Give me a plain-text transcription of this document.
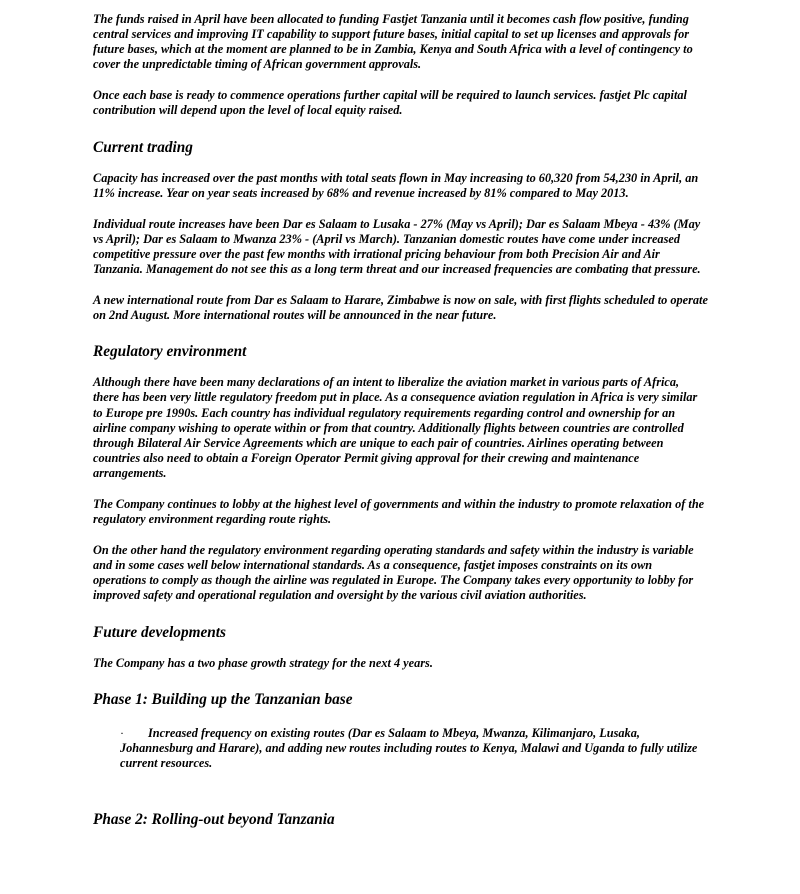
The funds raised in April have been allocated to funding Fastjet Tanzania until it becomes cash flow positive, funding central services and improving IT capability to support future bases, initial capital to set up licenses and approvals for future bases, which at the moment are planned to be in Zambia, Kenya and South Africa with a level of contingency to cover the unpredictable timing of African government approvals.

Once each base is ready to commence operations further capital will be required to launch services. fastjet Plc capital contribution will depend upon the level of local equity raised.

Current trading

Capacity has increased over the past months with total seats flown in May increasing to 60,320 from 54,230 in April, an 11% increase. Year on year seats increased by 68% and revenue increased by 81% compared to May 2013.

Individual route increases have been Dar es Salaam to Lusaka - 27% (May vs April); Dar es Salaam Mbeya - 43% (May vs April); Dar es Salaam to Mwanza 23% - (April vs March). Tanzanian domestic routes have come under increased competitive pressure over the past few months with irrational pricing behaviour from both Precision Air and Air Tanzania. Management do not see this as a long term threat and our increased frequencies are combating that pressure.

A new international route from Dar es Salaam to Harare, Zimbabwe is now on sale, with first flights scheduled to operate on 2nd August. More international routes will be announced in the near future.

Regulatory environment

Although there have been many declarations of an intent to liberalize the aviation market in various parts of Africa, there has been very little regulatory freedom put in place. As a consequence aviation regulation in Africa is very similar to Europe pre 1990s. Each country has individual regulatory requirements regarding control and ownership for an airline company wishing to operate within or from that country. Additionally flights between countries are controlled through Bilateral Air Service Agreements which are unique to each pair of countries. Airlines operating between countries also need to obtain a Foreign Operator Permit giving approval for their crewing and maintenance arrangements.

The Company continues to lobby at the highest level of governments and within the industry to promote relaxation of the regulatory environment regarding route rights.

On the other hand the regulatory environment regarding operating standards and safety within the industry is variable and in some cases well below international standards. As a consequence, fastjet imposes constraints on its own operations to comply as though the airline was regulated in Europe. The Company takes every opportunity to lobby for improved safety and operational regulation and oversight by the various civil aviation authorities.

Future developments

The Company has a two phase growth strategy for the next 4 years.

Phase 1: Building up the Tanzanian base
·	Increased frequency on existing routes (Dar es Salaam to Mbeya, Mwanza, Kilimanjaro, Lusaka, Johannesburg and Harare), and adding new routes including routes to Kenya, Malawi and Uganda to fully utilize current resources.

Phase 2: Rolling-out beyond Tanzania
